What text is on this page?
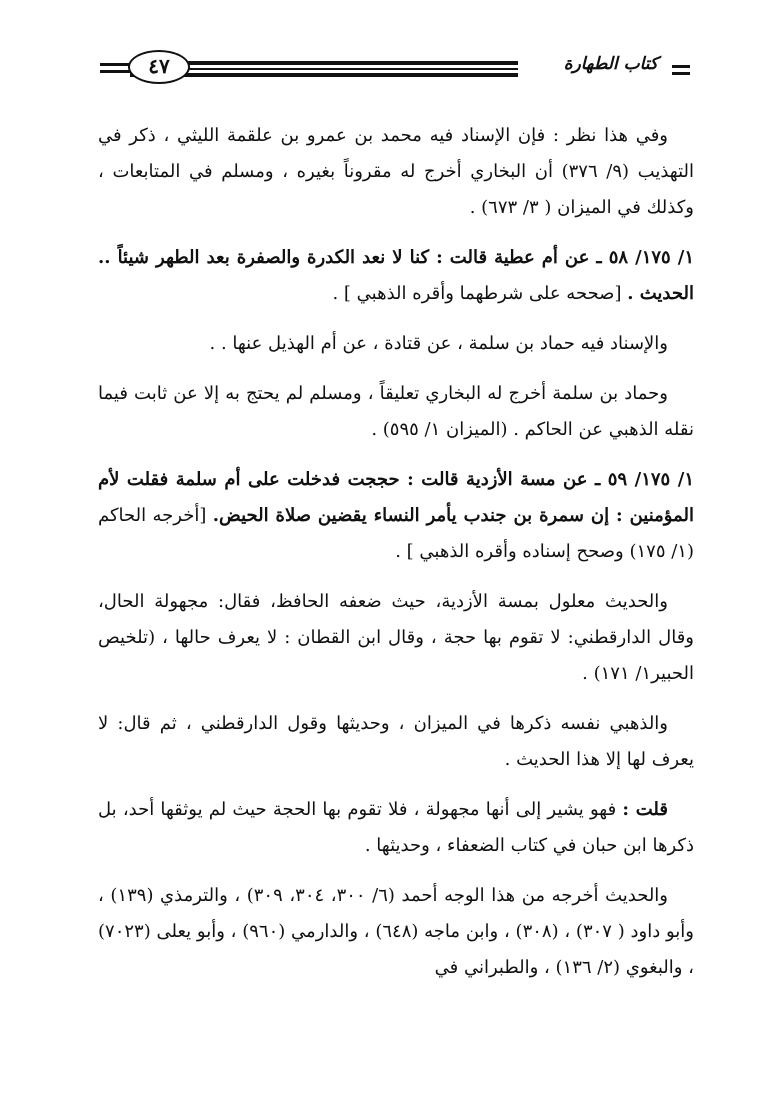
كتاب الطهارة
٤٧

وفي هذا نظر : فإن الإسناد فيه محمد بن عمرو بن علقمة الليثي ، ذكر في التهذيب (٩/ ٣٧٦) أن البخاري أخرج له مقروناً بغيره ، ومسلم في المتابعات ، وكذلك في الميزان ( ٣/ ٦٧٣) .

١/ ١٧٥/ ٥٨ ـ عن أم عطية قالت : كنا لا نعد الكدرة والصفرة بعد الطهر شيئاً .. الحديث . [صححه على شرطهما وأقره الذهبي ] .

والإسناد فيه حماد بن سلمة ، عن قتادة ، عن أم الهذيل عنها . .

وحماد بن سلمة أخرج له البخاري تعليقاً ، ومسلم لم يحتج به إلا عن ثابت فيما نقله الذهبي عن الحاكم . (الميزان ١/ ٥٩٥) .

١/ ١٧٥/ ٥٩ ـ عن مسة الأزدية قالت : حججت فدخلت على أم سلمة فقلت لأم المؤمنين : إن سمرة بن جندب يأمر النساء يقضين صلاة الحيض. [أخرجه الحاكم (١/ ١٧٥) وصحح إسناده وأقره الذهبي ] .

والحديث معلول بمسة الأزدية، حيث ضعفه الحافظ، فقال: مجهولة الحال، وقال الدارقطني: لا تقوم بها حجة ، وقال ابن القطان : لا يعرف حالها ، (تلخيص الحبير١/ ١٧١) .

والذهبي نفسه ذكرها في الميزان ، وحديثها وقول الدارقطني ، ثم قال: لا يعرف لها إلا هذا الحديث .

قلت : فهو يشير إلى أنها مجهولة ، فلا تقوم بها الحجة حيث لم يوثقها أحد، بل ذكرها ابن حبان في كتاب الضعفاء ، وحديثها .

والحديث أخرجه من هذا الوجه أحمد (٦/ ٣٠٠، ٣٠٤، ٣٠٩) ، والترمذي (١٣٩) ، وأبو داود ( ٣٠٧) ، (٣٠٨) ، وابن ماجه (٦٤٨) ، والدارمي (٩٦٠) ، وأبو يعلى (٧٠٢٣) ، والبغوي (٢/ ١٣٦) ، والطبراني في
